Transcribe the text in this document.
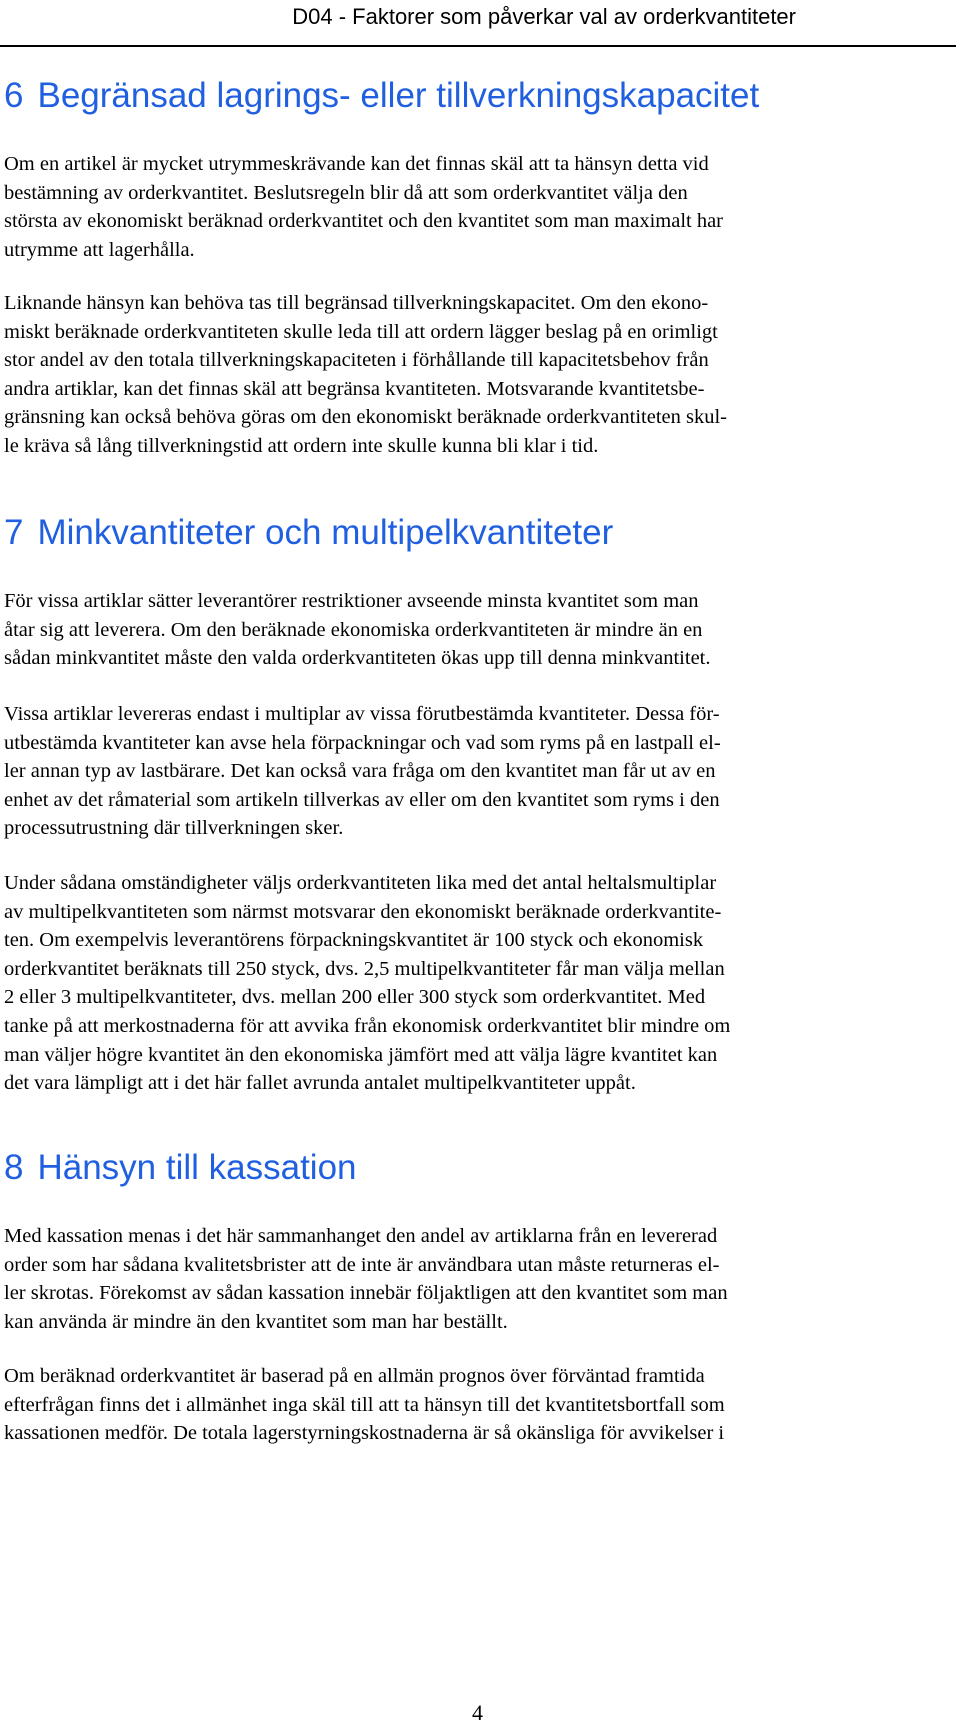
D04 - Faktorer som påverkar val av orderkvantiteter
6 Begränsad lagrings- eller tillverkningskapacitet
Om en artikel är mycket utrymmeskrävande kan det finnas skäl att ta hänsyn detta vid
bestämning av orderkvantitet. Beslutsregeln blir då att som orderkvantitet välja den
största av ekonomiskt beräknad orderkvantitet och den kvantitet som man maximalt har
utrymme att lagerhålla.
Liknande hänsyn kan behöva tas till begränsad tillverkningskapacitet. Om den ekono-
miskt beräknade orderkvantiteten skulle leda till att ordern lägger beslag på en orimligt
stor andel av den totala tillverkningskapaciteten i förhållande till kapacitetsbehov från
andra artiklar, kan det finnas skäl att begränsa kvantiteten. Motsvarande kvantitetsbe-
gränsning kan också behöva göras om den ekonomiskt beräknade orderkvantiteten skul-
le kräva så lång tillverkningstid att ordern inte skulle kunna bli klar i tid.
7 Minkvantiteter och multipelkvantiteter
För vissa artiklar sätter leverantörer restriktioner avseende minsta kvantitet som man
åtar sig att leverera. Om den beräknade ekonomiska orderkvantiteten är mindre än en
sådan minkvantitet måste den valda orderkvantiteten ökas upp till denna minkvantitet.
Vissa artiklar levereras endast i multiplar av vissa förutbestämda kvantiteter. Dessa för-
utbestämda kvantiteter kan avse hela förpackningar och vad som ryms på en lastpall el-
ler annan typ av lastbärare. Det kan också vara fråga om den kvantitet man får ut av en
enhet av det råmaterial som artikeln tillverkas av eller om den kvantitet som ryms i den
processutrustning där tillverkningen sker.
Under sådana omständigheter väljs orderkvantiteten lika med det antal heltalsmultiplar
av multipelkvantiteten som närmst motsvarar den ekonomiskt beräknade orderkvantite-
ten. Om exempelvis leverantörens förpackningskvantitet är 100 styck och ekonomisk
orderkvantitet beräknats till 250 styck, dvs. 2,5 multipelkvantiteter får man välja mellan
2 eller 3 multipelkvantiteter, dvs. mellan 200 eller 300 styck som orderkvantitet. Med
tanke på att merkostnaderna för att avvika från ekonomisk orderkvantitet blir mindre om
man väljer högre kvantitet än den ekonomiska jämfört med att välja lägre kvantitet kan
det vara lämpligt att i det här fallet avrunda antalet multipelkvantiteter uppåt.
8 Hänsyn till kassation
Med kassation menas i det här sammanhanget den andel av artiklarna från en levererad
order som har sådana kvalitetsbrister att de inte är användbara utan måste returneras el-
ler skrotas. Förekomst av sådan kassation innebär följaktligen att den kvantitet som man
kan använda är mindre än den kvantitet som man har beställt.
Om beräknad orderkvantitet är baserad på en allmän prognos över förväntad framtida
efterfrågan finns det i allmänhet inga skäl till att ta hänsyn till det kvantitetsbortfall som
kassationen medför. De totala lagerstyrningskostnaderna är så okänsliga för avvikelser i
4
